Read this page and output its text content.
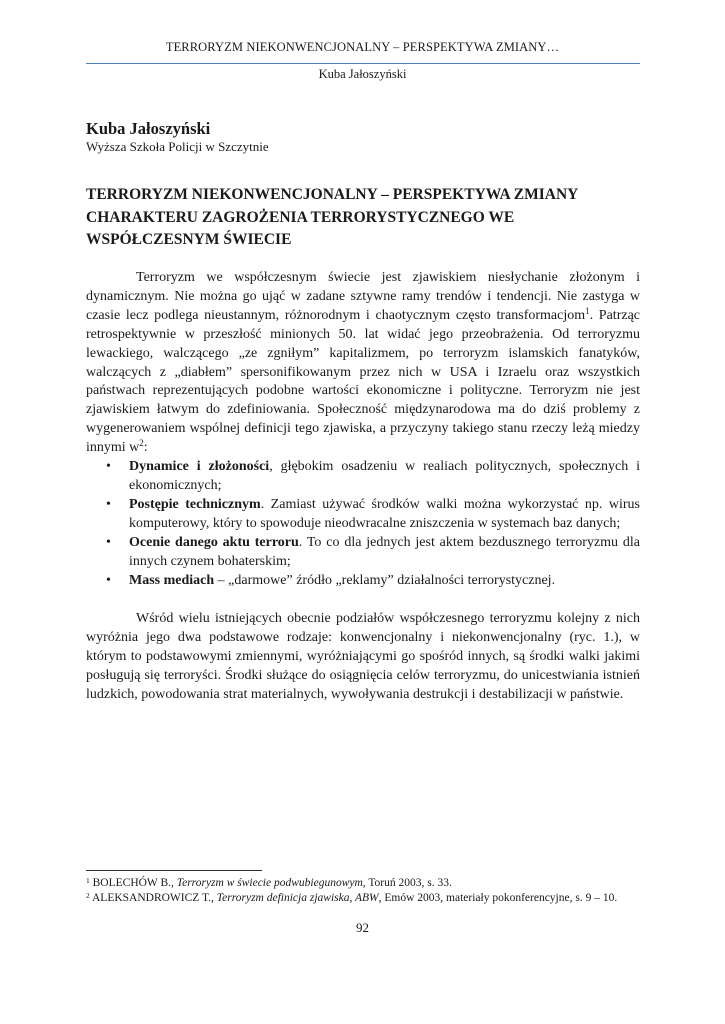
TERRORYZM NIEKONWENCJONALNY – PERSPEKTYWA ZMIANY…
Kuba Jałoszyński
Kuba Jałoszyński
Wyższa Szkoła Policji w Szczytnie
TERRORYZM NIEKONWENCJONALNY – PERSPEKTYWA ZMIANY
CHARAKTERU ZAGROŻENIA TERRORYSTYCZNEGO WE
WSPÓŁCZESNYM ŚWIECIE

Terroryzm we współczesnym świecie jest zjawiskiem niesłychanie złożonym i dynamicznym. Nie można go ująć w zadane sztywne ramy trendów i tendencji. Nie zastyga w czasie lecz podlega nieustannym, różnorodnym i chaotycznym często transformacjom$^1$. Patrząc retrospektywnie w przeszłość minionych 50. lat widać jego przeobrażenia. Od terroryzmu lewackiego, walczącego „ze zgniłym” kapitalizmem, po terroryzm islamskich fanatyków, walczących z „diabłem” spersonifikowanym przez nich w USA i Izraelu oraz wszystkich państwach reprezentujących podobne wartości ekonomiczne i polityczne. Terroryzm nie jest zjawiskiem łatwym do zdefiniowania. Społeczność międzynarodowa ma do dziś problemy z wygenerowaniem wspólnej definicji tego zjawiska, a przyczyny takiego stanu rzeczy leżą miedzy innymi $w^2$:

• Dynamice i złożoności, głębokim osadzeniu w realiach politycznych, społecznych i ekonomicznych;
• Postępie technicznym. Zamiast używać środków walki można wykorzystać np. wirus komputerowy, który to spowoduje nieodwracalne zniszczenia w systemach baz danych;
• Ocenie danego aktu terroru. To co dla jednych jest aktem bezdusznego terroryzmu dla innych czynem bohaterskim;
• Mass mediach – „darmowe” źródło „reklamy” działalności terrorystycznej.

Wśród wielu istniejących obecnie podziałów współczesnego terroryzmu kolejny z nich wyróżnia jego dwa podstawowe rodzaje: konwencjonalny i niekonwencjonalny (ryc. 1.), w którym to podstawowymi zmiennymi, wyróżniającymi go spośród innych, są środki walki jakimi posługują się terroryści. Środki służące do osiągnięcia celów terroryzmu, do unicestwiania istnień ludzkich, powodowania strat materialnych, wywoływania destrukcji i destabilizacji w państwie.

$^1$ BOLECHÓW B., Terroryzm w świecie podwubiegunowym, Toruń 2003, s. 33.
$^2$ ALEKSANDROWICZ T., Terroryzm definicja zjawiska, ABW, Emów 2003, materiały pokonferencyjne, s. 9 – 10.
92
